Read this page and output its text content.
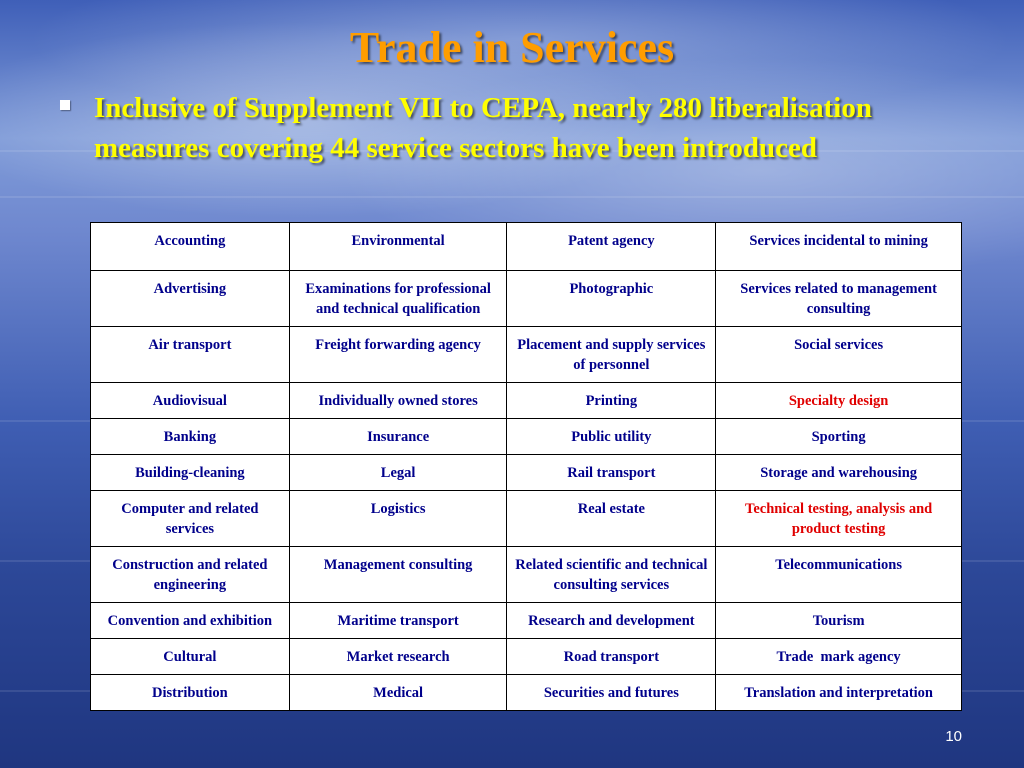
Trade in Services
Inclusive of Supplement VII to CEPA, nearly 280 liberalisation measures covering 44 service sectors have been introduced
Accounting	Environmental	Patent agency	Services incidental to mining
Advertising	Examinations for professional and technical qualification	Photographic	Services related to management consulting
Air transport	Freight forwarding agency	Placement and supply services of personnel	Social services
Audiovisual	Individually owned stores	Printing	Specialty design
Banking	Insurance	Public utility	Sporting
Building-cleaning	Legal	Rail transport	Storage and warehousing
Computer and related services	Logistics	Real estate	Technical testing, analysis and product testing
Construction and related engineering	Management consulting	Related scientific and technical consulting services	Telecommunications
Convention and exhibition	Maritime transport	Research and development	Tourism
Cultural	Market research	Road transport	Trade  mark agency
Distribution	Medical	Securities and futures	Translation and interpretation
10
